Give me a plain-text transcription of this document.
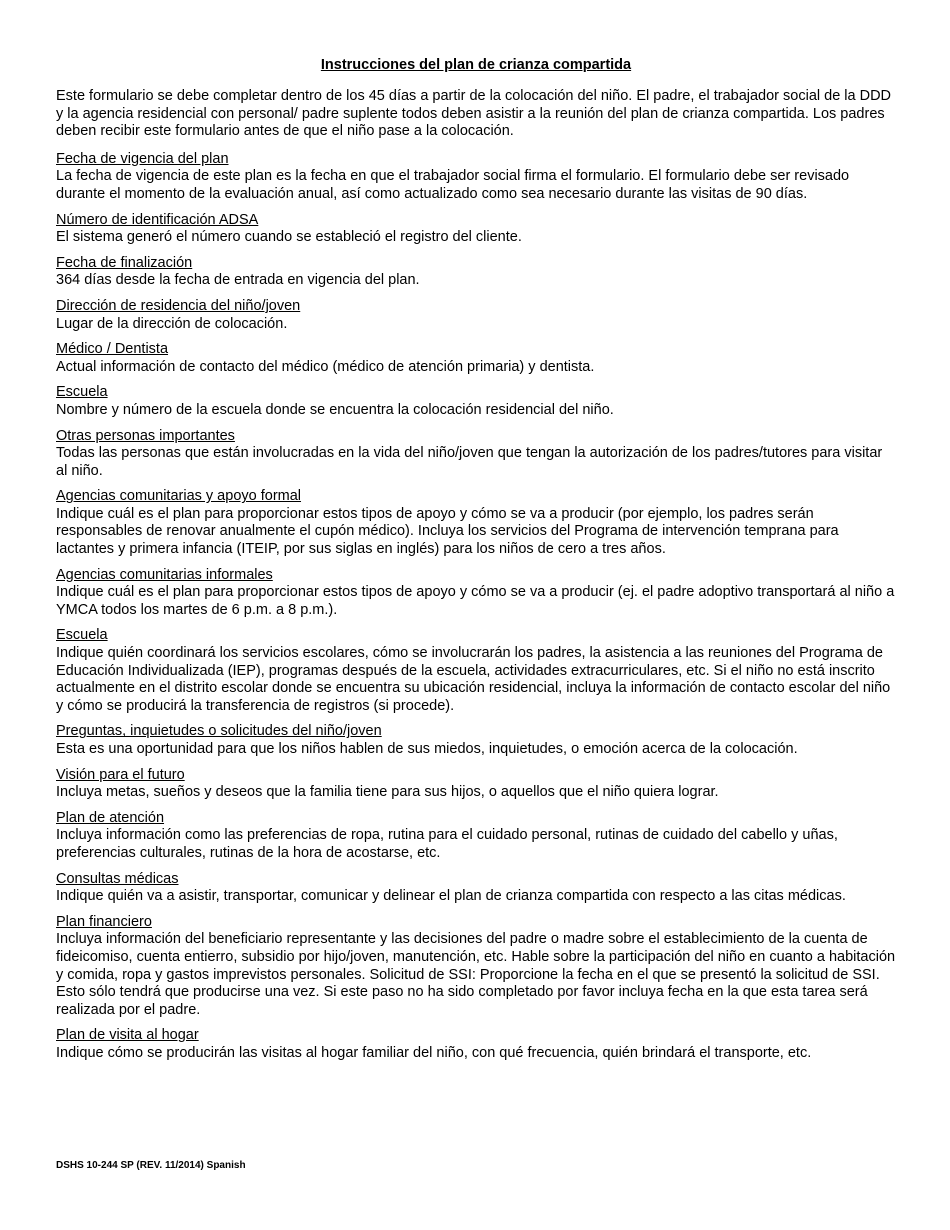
Instrucciones del plan de crianza compartida
Este formulario se debe completar dentro de los 45 días a partir de la colocación del niño. El padre, el trabajador social de la DDD y la agencia residencial con personal/ padre suplente todos deben asistir a la reunión del plan de crianza compartida. Los padres deben recibir este formulario antes de que el niño pase a la colocación.
Fecha de vigencia del plan
La fecha de vigencia de este plan es la fecha en que el trabajador social firma el formulario. El formulario debe ser revisado durante el momento de la evaluación anual, así como actualizado como sea necesario durante las visitas de 90 días.
Número de identificación ADSA
El sistema generó el número cuando se estableció el registro del cliente.
Fecha de finalización
364 días desde la fecha de entrada en vigencia del plan.
Dirección de residencia del niño/joven
Lugar de la dirección de colocación.
Médico / Dentista
Actual información de contacto del médico (médico de atención primaria) y dentista.
Escuela
Nombre y número de la escuela donde se encuentra la colocación residencial del niño.
Otras personas importantes
Todas las personas que están involucradas en la vida del niño/joven que tengan la autorización de los padres/tutores para visitar al niño.
Agencias comunitarias y apoyo formal
Indique cuál es el plan para proporcionar estos tipos de apoyo y cómo se va a producir (por ejemplo, los padres serán responsables de renovar anualmente el cupón médico). Incluya los servicios del Programa de intervención temprana para lactantes y primera infancia (ITEIP, por sus siglas en inglés) para los niños de cero a tres años.
Agencias comunitarias informales
Indique cuál es el plan para proporcionar estos tipos de apoyo y cómo se va a producir (ej. el padre adoptivo transportará al niño a YMCA todos los martes de 6 p.m. a 8 p.m.).
Escuela
Indique quién coordinará los servicios escolares, cómo se involucrarán los padres, la asistencia a las reuniones del Programa de Educación Individualizada (IEP), programas después de la escuela, actividades extracurriculares, etc. Si el niño no está inscrito actualmente en el distrito escolar donde se encuentra su ubicación residencial, incluya la información de contacto escolar del niño y cómo se producirá la transferencia de registros (si procede).
Preguntas, inquietudes o solicitudes del niño/joven
Esta es una oportunidad para que los niños hablen de sus miedos, inquietudes, o emoción acerca de la colocación.
Visión para el futuro
Incluya metas, sueños y deseos que la familia tiene para sus hijos, o aquellos que el niño quiera lograr.
Plan de atención
Incluya información como las preferencias de ropa, rutina para el cuidado personal, rutinas de cuidado del cabello y uñas, preferencias culturales, rutinas de la hora de acostarse, etc.
Consultas médicas
Indique quién va a asistir, transportar, comunicar y delinear el plan de crianza compartida con respecto a las citas médicas.
Plan financiero
Incluya información del beneficiario representante y las decisiones del padre o madre sobre el establecimiento de la cuenta de fideicomiso, cuenta entierro, subsidio por hijo/joven, manutención, etc. Hable sobre la participación del niño en cuanto a habitación y comida, ropa y gastos imprevistos personales. Solicitud de SSI: Proporcione la fecha en el que se presentó la solicitud de SSI. Esto sólo tendrá que producirse una vez. Si este paso no ha sido completado por favor incluya fecha en la que esta tarea será realizada por el padre.
Plan de visita al hogar
Indique cómo se producirán las visitas al hogar familiar del niño, con qué frecuencia, quién brindará el transporte, etc.
DSHS 10-244 SP (REV. 11/2014) Spanish
